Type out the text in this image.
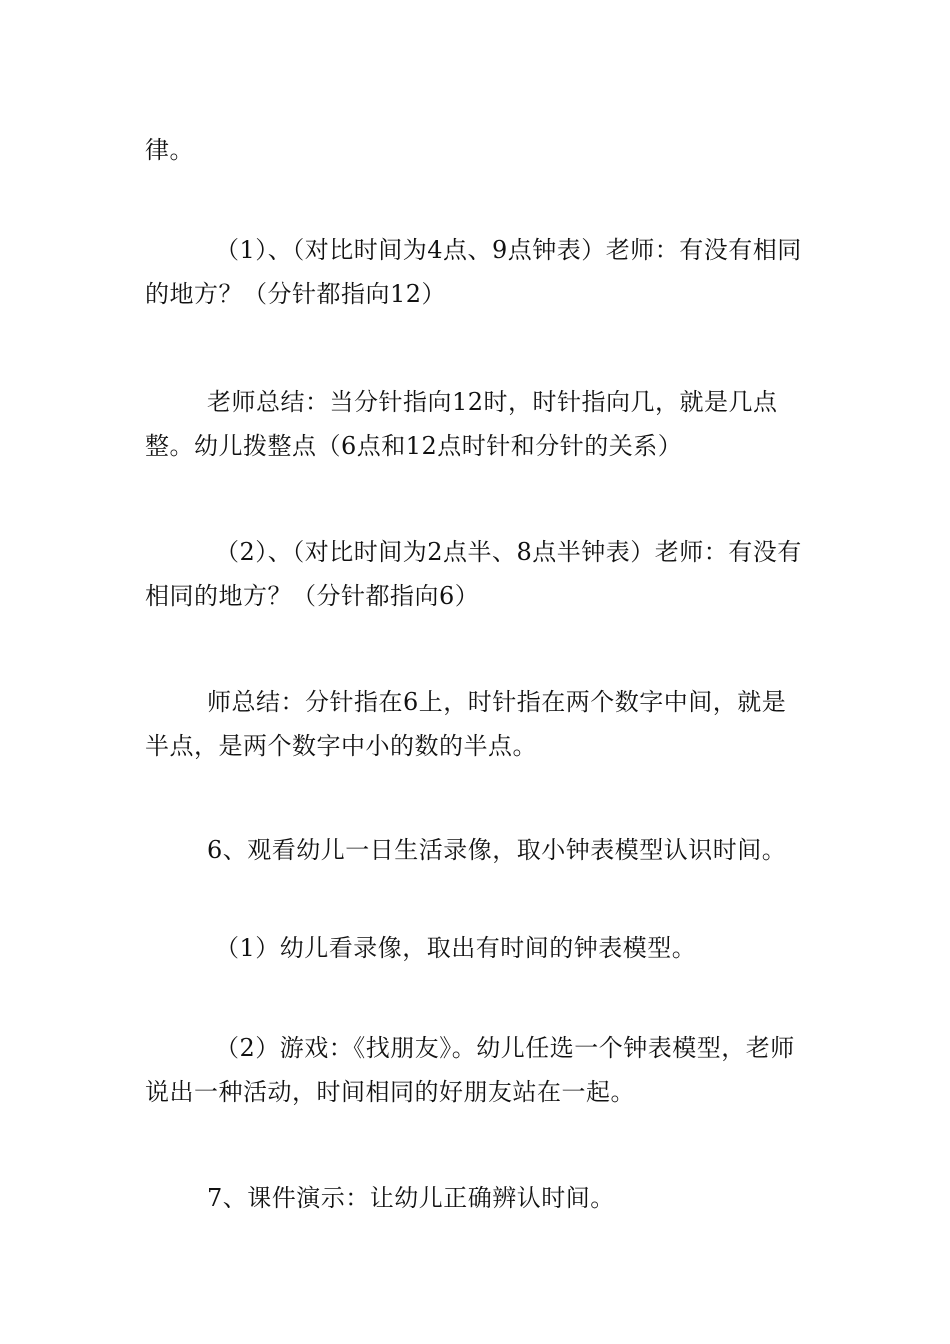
律。

（1）、（对比时间为4点、9点钟表）老师：有没有相同的地方？（分针都指向12）

老师总结：当分针指向12时，时针指向几，就是几点整。幼儿拨整点（6点和12点时针和分针的关系）

（2）、（对比时间为2点半、8点半钟表）老师：有没有相同的地方？（分针都指向6）

师总结：分针指在6上，时针指在两个数字中间，就是半点，是两个数字中小的数的半点。

6、观看幼儿一日生活录像，取小钟表模型认识时间。

（1）幼儿看录像，取出有时间的钟表模型。

（2）游戏：《找朋友》。幼儿任选一个钟表模型，老师说出一种活动，时间相同的好朋友站在一起。

7、课件演示：让幼儿正确辨认时间。
